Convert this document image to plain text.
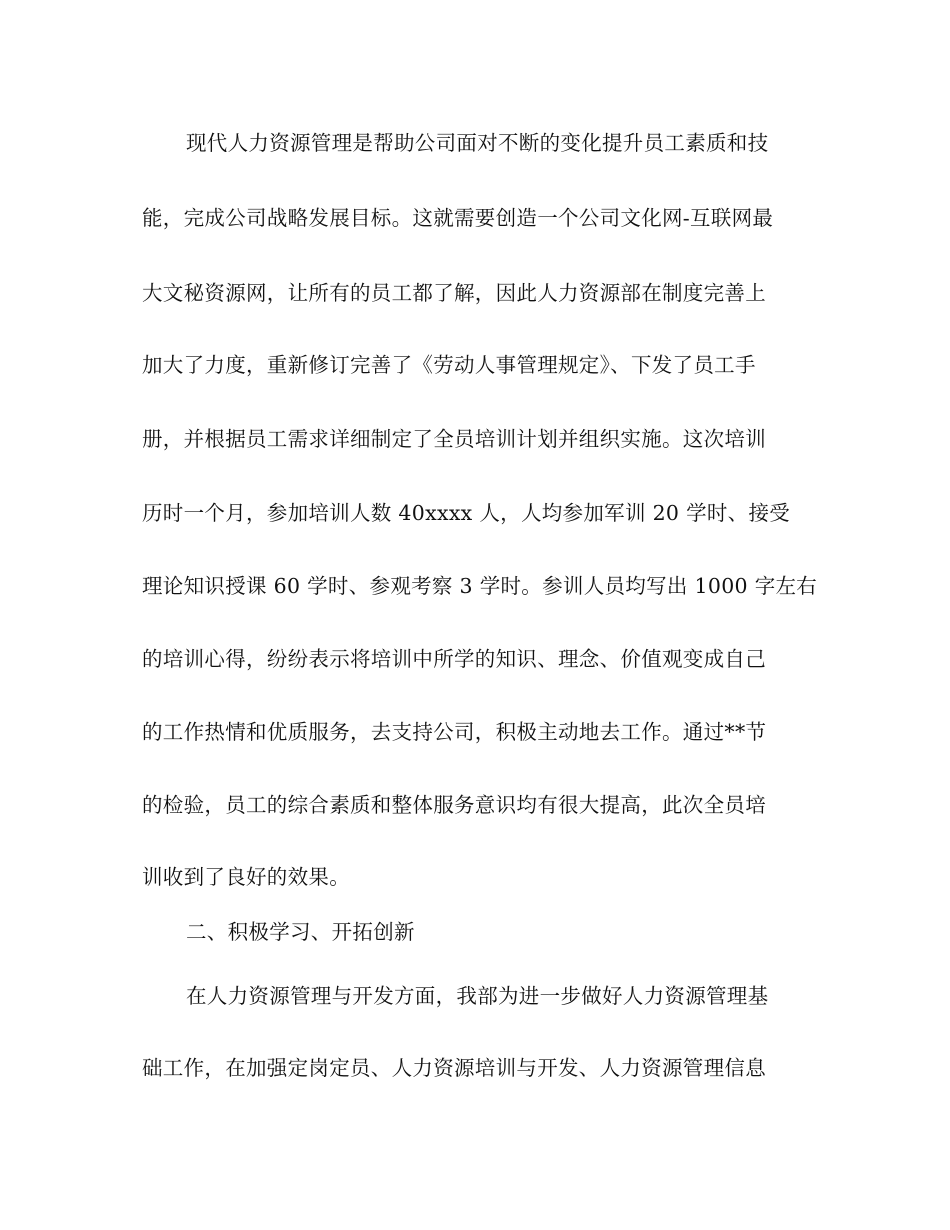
现代人力资源管理是帮助公司面对不断的变化提升员工素质和技
能，完成公司战略发展目标。这就需要创造一个公司文化网-互联网最
大文秘资源网，让所有的员工都了解，因此人力资源部在制度完善上
加大了力度，重新修订完善了《劳动人事管理规定》、下发了员工手
册，并根据员工需求详细制定了全员培训计划并组织实施。这次培训
历时一个月，参加培训人数 40xxxx 人，人均参加军训 20 学时、接受
理论知识授课 60 学时、参观考察 3 学时。参训人员均写出 1000 字左右
的培训心得，纷纷表示将培训中所学的知识、理念、价值观变成自己
的工作热情和优质服务，去支持公司，积极主动地去工作。通过**节
的检验，员工的综合素质和整体服务意识均有很大提高，此次全员培
训收到了良好的效果。
二、积极学习、开拓创新
在人力资源管理与开发方面，我部为进一步做好人力资源管理基
础工作，在加强定岗定员、人力资源培训与开发、人力资源管理信息
